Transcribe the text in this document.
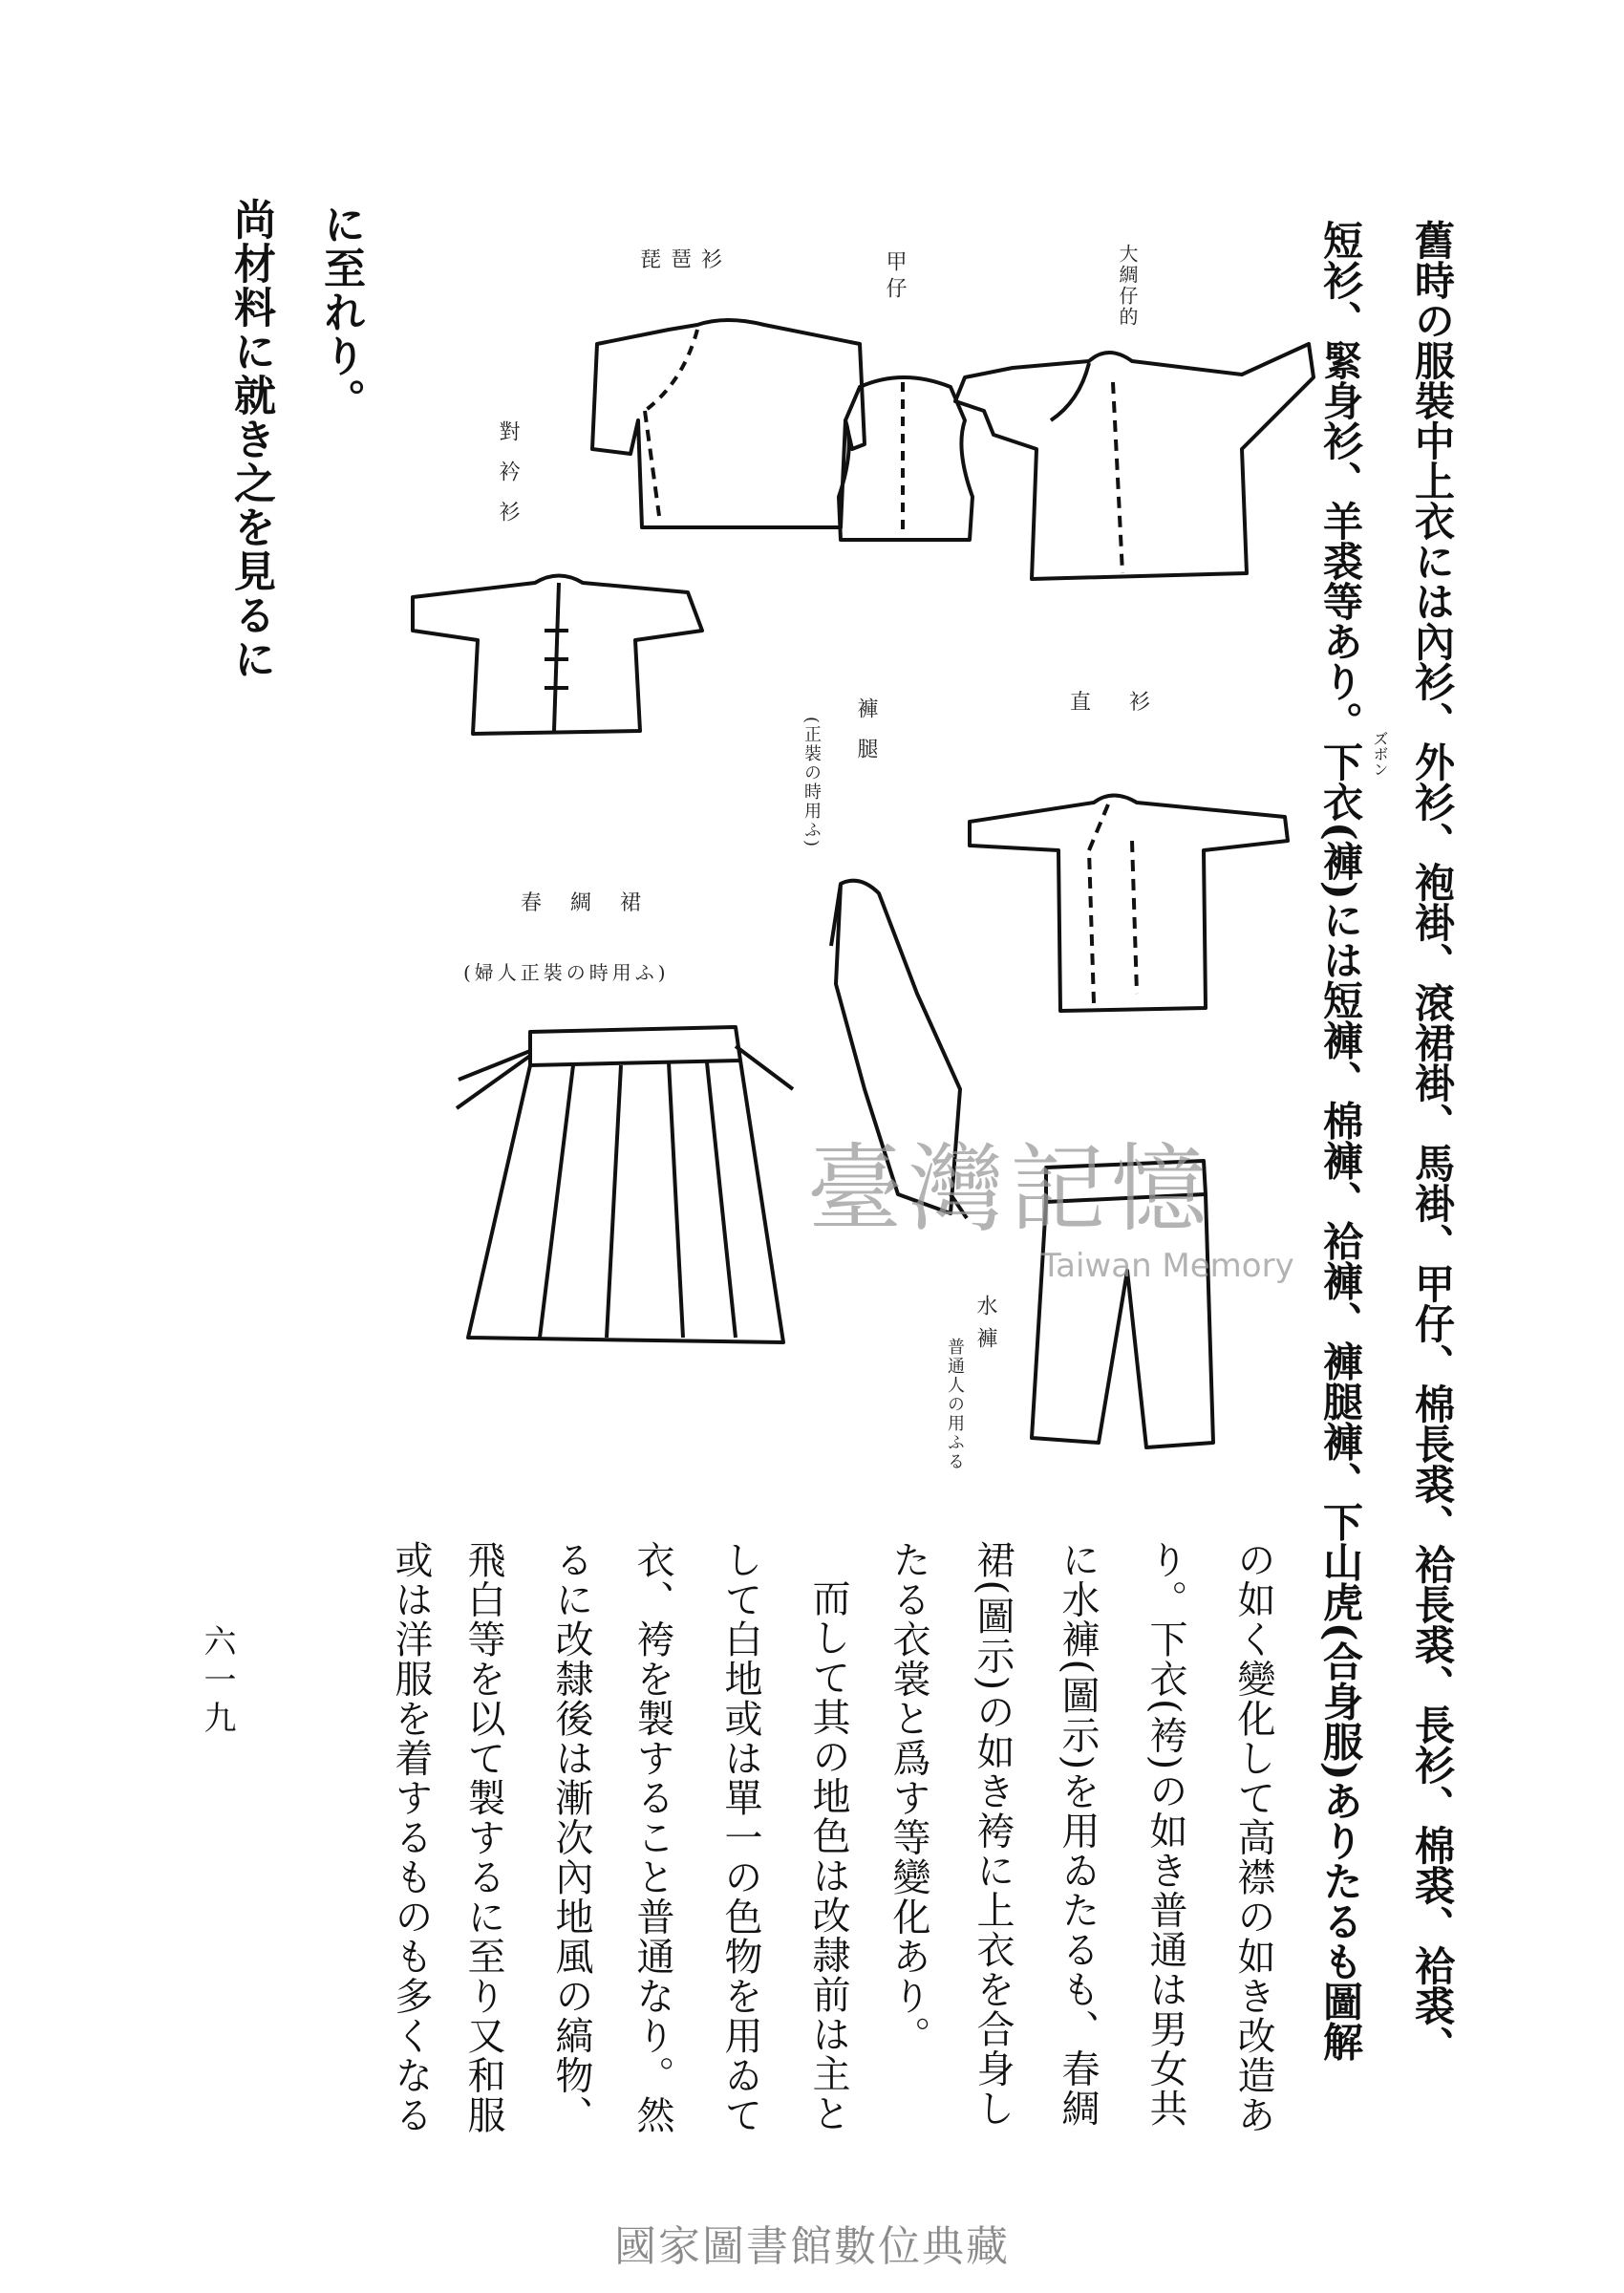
琵琶衫	甲仔	大綢仔的
對衿衫
直衫
褲腿
(正裝の時用ふ)
春綢裙
(婦人正裝の時用ふ)
水褲
普通人の用ふる	舊時の服裝中上衣には內衫、外衫、袍褂、滾裙褂、馬褂、甲仔、棉長裘、袷長裘、長衫、棉裘、袷裘、
短衫、緊身衫、羊裘等あり。下衣(褲)には短褲、棉褲、袷褲、褲腿褲、下山虎(合身服)ありたるも圖解 ズボン
の如く變化して高襟の如き改造あ
り。下衣(袴)の如き普通は男女共
に水褲(圖示)を用ゐたるも、春綢
裙(圖示)の如き袴に上衣を合身し
たる衣裳と爲す等變化あり。
而して其の地色は改隷前は主と
して白地或は單一の色物を用ゐて
衣、袴を製すること普通なり。然
るに改隸後は漸次內地風の縞物、
飛白等を以て製するに至り又和服
或は洋服を着するものも多くなる
に至れり。
尚材料に就き之を見るに
臺灣記憶
Taiwan Memory
六一九
國家圖書館數位典藏
